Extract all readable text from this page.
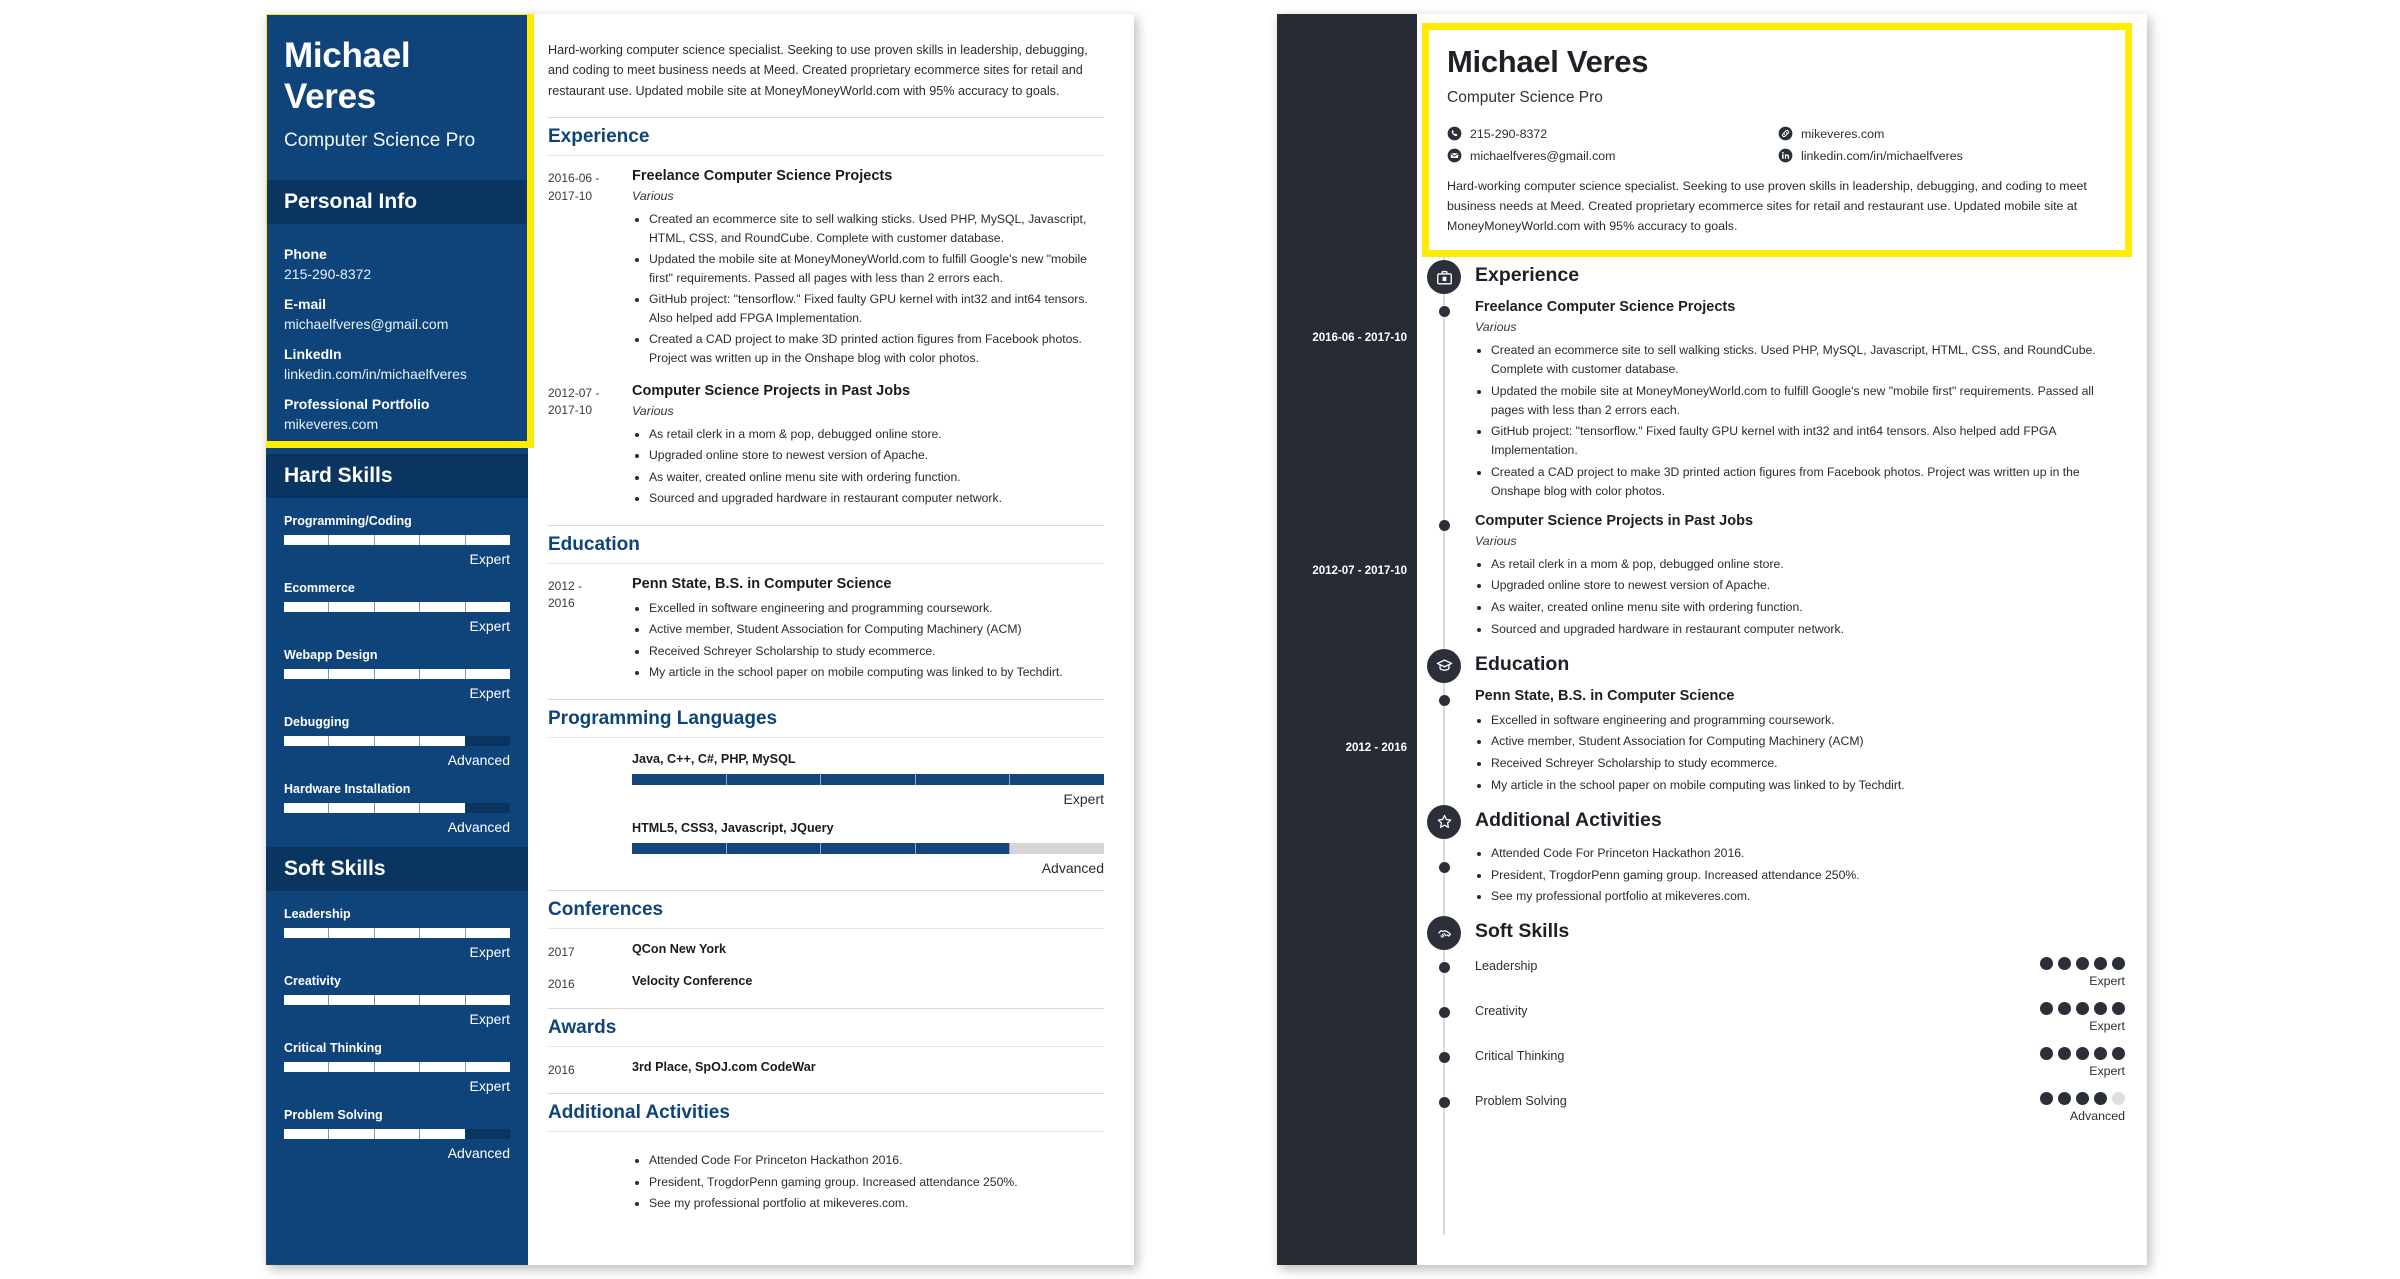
Michael
Veres
Computer Science Pro
Personal Info
Phone
215-290-8372
E-mail
michaelfveres@gmail.com
LinkedIn
linkedin.com/in/michaelfveres
Professional Portfolio
mikeveres.com
Hard Skills
Programming/Coding
Expert
Ecommerce
Expert
Webapp Design
Expert
Debugging
Advanced
Hardware Installation
Advanced
Soft Skills
Leadership
Expert
Creativity
Expert
Critical Thinking
Expert
Problem Solving
Advanced

Hard-working computer science specialist. Seeking to use proven skills in leadership, debugging, and coding to meet business needs at Meed. Created proprietary ecommerce sites for retail and restaurant use. Updated mobile site at MoneyMoneyWorld.com with 95% accuracy to goals.

Experience
2016-06 -
2017-10
Freelance Computer Science Projects
Various
• Created an ecommerce site to sell walking sticks. Used PHP, MySQL, Javascript, HTML, CSS, and RoundCube. Complete with customer database.
• Updated the mobile site at MoneyMoneyWorld.com to fulfill Google's new "mobile first" requirements. Passed all pages with less than 2 errors each.
• GitHub project: "tensorflow." Fixed faulty GPU kernel with int32 and int64 tensors. Also helped add FPGA Implementation.
• Created a CAD project to make 3D printed action figures from Facebook photos. Project was written up in the Onshape blog with color photos.
2012-07 -
2017-10
Computer Science Projects in Past Jobs
Various
• As retail clerk in a mom & pop, debugged online store.
• Upgraded online store to newest version of Apache.
• As waiter, created online menu site with ordering function.
• Sourced and upgraded hardware in restaurant computer network.
Education
2012 -
2016
Penn State, B.S. in Computer Science
• Excelled in software engineering and programming coursework.
• Active member, Student Association for Computing Machinery (ACM)
• Received Schreyer Scholarship to study ecommerce.
• My article in the school paper on mobile computing was linked to by Techdirt.
Programming Languages
Java, C++, C#, PHP, MySQL
Expert
HTML5, CSS3, Javascript, JQuery
Advanced
Conferences
2017	QCon New York
2016	Velocity Conference
Awards
2016	3rd Place, SpOJ.com CodeWar
Additional Activities
• Attended Code For Princeton Hackathon 2016.
• President, TrogdorPenn gaming group. Increased attendance 250%.
• See my professional portfolio at mikeveres.com.
2016-06 - 2017-10
2012-07 - 2017-10
2012 - 2016
Michael Veres
Computer Science Pro
215-290-8372	mikeveres.com
michaelfveres@gmail.com	linkedin.com/in/michaelfveres

Hard-working computer science specialist. Seeking to use proven skills in leadership, debugging, and coding to meet business needs at Meed. Created proprietary ecommerce sites for retail and restaurant use. Updated mobile site at MoneyMoneyWorld.com with 95% accuracy to goals.

Experience
Freelance Computer Science Projects
Various
• Created an ecommerce site to sell walking sticks. Used PHP, MySQL, Javascript, HTML, CSS, and RoundCube. Complete with customer database.
• Updated the mobile site at MoneyMoneyWorld.com to fulfill Google's new "mobile first" requirements. Passed all pages with less than 2 errors each.
• GitHub project: "tensorflow." Fixed faulty GPU kernel with int32 and int64 tensors. Also helped add FPGA Implementation.
• Created a CAD project to make 3D printed action figures from Facebook photos. Project was written up in the Onshape blog with color photos.
Computer Science Projects in Past Jobs
Various
• As retail clerk in a mom & pop, debugged online store.
• Upgraded online store to newest version of Apache.
• As waiter, created online menu site with ordering function.
• Sourced and upgraded hardware in restaurant computer network.
Education
Penn State, B.S. in Computer Science
• Excelled in software engineering and programming coursework.
• Active member, Student Association for Computing Machinery (ACM)
• Received Schreyer Scholarship to study ecommerce.
• My article in the school paper on mobile computing was linked to by Techdirt.
Additional Activities
• Attended Code For Princeton Hackathon 2016.
• President, TrogdorPenn gaming group. Increased attendance 250%.
• See my professional portfolio at mikeveres.com.
Soft Skills
Leadership
Expert
Creativity
Expert
Critical Thinking
Expert
Problem Solving
Advanced
